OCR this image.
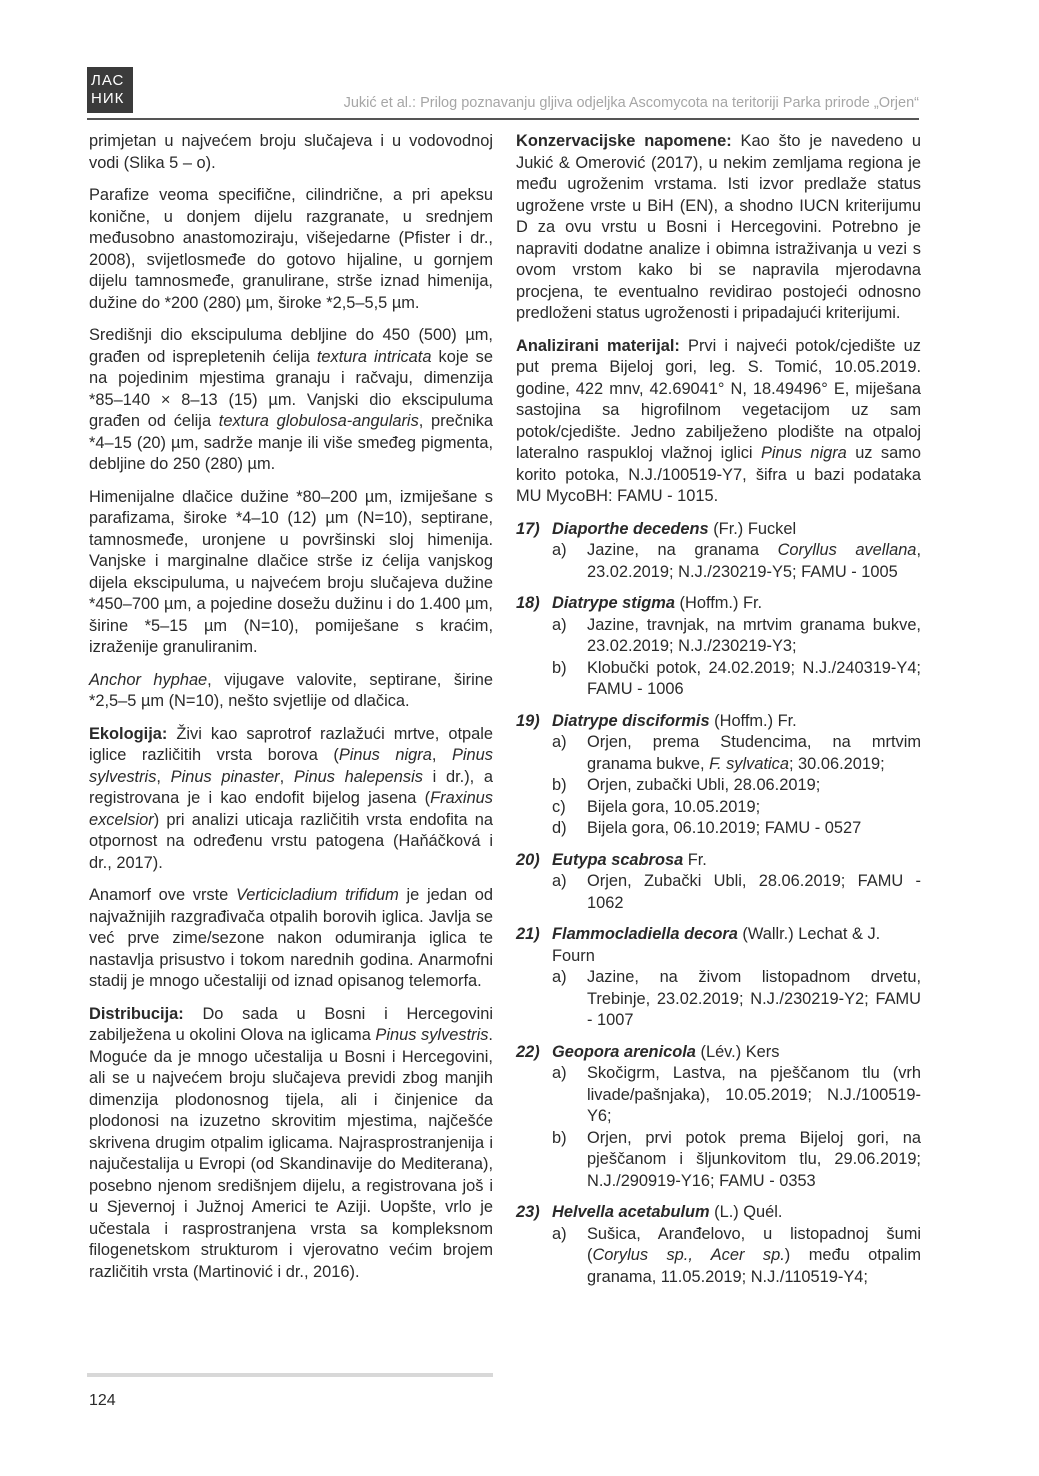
ЛАС
НИК	Jukić et al.: Prilog poznavanju gljiva odjeljka Ascomycota na teritoriji Parka prirode „Orjen“

primjetan u najvećem broju slučajeva i u vodovodnoj vodi (Slika 5 – o).

Parafize veoma specifične, cilindrične, a pri apeksu konične, u donjem dijelu razgranate, u srednjem međusobno anastomoziraju, višejedarne (Pfister i dr., 2008), svijetlosmeđe do gotovo hijaline, u gornjem dijelu tamnosmeđe, granulirane, strše iznad himenija, dužine do *200 (280) µm, široke *2,5–5,5 µm.

Središnji dio ekscipuluma debljine do 450 (500) µm, građen od isprepletenih ćelija textura intricata koje se na pojedinim mjestima granaju i račvaju, dimenzija *85–140 × 8–13 (15) µm. Vanjski dio ekscipuluma građen od ćelija textura globulosa-angularis, prečnika *4–15 (20) µm, sadrže manje ili više smeđeg pigmenta, debljine do 250 (280) µm.

Himenijalne dlačice dužine *80–200 µm, izmiješane s parafizama, široke *4–10 (12) µm (N=10), septirane, tamnosmeđe, uronjene u površinski sloj himenija. Vanjske i marginalne dlačice strše iz ćelija vanjskog dijela ekscipuluma, u najvećem broju slučajeva dužine *450–700 µm, a pojedine dosežu dužinu i do 1.400 µm, širine *5–15 µm (N=10), pomiješane s kraćim, izraženije granuliranim.

Anchor hyphae, vijugave valovite, septirane, širine *2,5–5 µm (N=10), nešto svjetlije od dlačica.

Ekologija: Živi kao saprotrof razlažući mrtve, otpale iglice različitih vrsta borova (Pinus nigra, Pinus sylvestris, Pinus pinaster, Pinus halepensis i dr.), a registrovana je i kao endofit bijelog jasena (Fraxinus excelsior) pri analizi uticaja različitih vrsta endofita na otpornost na određenu vrstu patogena (Haňáčková i dr., 2017).

Anamorf ove vrste Verticicladium trifidum je jedan od najvažnijih razgrađivača otpalih borovih iglica. Javlja se već prve zime/sezone nakon odumiranja iglica te nastavlja prisustvo i tokom narednih godina. Anarmofni stadij je mnogo učestaliji od iznad opisanog telemorfa.

Distribucija: Do sada u Bosni i Hercegovini zabilježena u okolini Olova na iglicama Pinus sylvestris. Moguće da je mnogo učestalija u Bosni i Hercegovini, ali se u najvećem broju slučajeva previdi zbog manjih dimenzija plodonosnog tijela, ali i činjenice da plodonosi na izuzetno skrovitim mjestima, najčešće skrivena drugim otpalim iglicama. Najrasprostranjenija i najučestalija u Evropi (od Skandinavije do Mediterana), posebno njenom središnjem dijelu, a registrovana još i u Sjevernoj i Južnoj Americi te Aziji. Uopšte, vrlo je učestala i rasprostranjena vrsta sa kompleksnom filogenetskom strukturom i vjerovatno većim brojem različitih vrsta (Martinović i dr., 2016).

Konzervacijske napomene: Kao što je navedeno u Jukić & Omerović (2017), u nekim zemljama regiona je među ugroženim vrstama. Isti izvor predlaže status ugrožene vrste u BiH (EN), a shodno IUCN kriterijumu D za ovu vrstu u Bosni i Hercegovini. Potrebno je napraviti dodatne analize i obimna istraživanja u vezi s ovom vrstom kako bi se napravila mjerodavna procjena, te eventualno revidirao postojeći odnosno predloženi status ugroženosti i pripadajući kriterijumi.

Analizirani materijal: Prvi i najveći potok/cjedište uz put prema Bijeloj gori, leg. S. Tomić, 10.05.2019. godine, 422 mnv, 42.69041° N, 18.49496° E, miješana sastojina sa higrofilnom vegetacijom uz sam potok/cjedište. Jedno zabilježeno plodište na otpaloj lateralno raspukloj vlažnoj iglici Pinus nigra uz samo korito potoka, N.J./100519-Y7, šifra u bazi podataka MU MycoBH: FAMU - 1015.

17) Diaporthe decedens (Fr.) Fuckel
a)	Jazine, na granama Coryllus avellana, 23.02.2019; N.J./230219-Y5; FAMU - 1005
18) Diatrype stigma (Hoffm.) Fr.
a)	Jazine, travnjak, na mrtvim granama bukve, 23.02.2019; N.J./230219-Y3;
b)	Klobučki potok, 24.02.2019; N.J./240319-Y4; FAMU - 1006
19) Diatrype disciformis (Hoffm.) Fr.
a)	Orjen, prema Studencima, na mrtvim granama bukve, F. sylvatica; 30.06.2019;
b)	Orjen, zubački Ubli, 28.06.2019;
c)	Bijela gora, 10.05.2019;
d)	Bijela gora, 06.10.2019; FAMU - 0527
20) Eutypa scabrosa Fr.
a)	Orjen, Zubački Ubli, 28.06.2019; FAMU - 1062
21) Flammocladiella decora (Wallr.) Lechat & J. Fourn
a)	Jazine, na živom listopadnom drvetu, Trebinje, 23.02.2019; N.J./230219-Y2; FAMU - 1007
22) Geopora arenicola (Lév.) Kers
a)	Skočigrm, Lastva, na pješčanom tlu (vrh livade/pašnjaka), 10.05.2019; N.J./100519-Y6;
b)	Orjen, prvi potok prema Bijeloj gori, na pješčanom i šljunkovitom tlu, 29.06.2019; N.J./290919-Y16; FAMU - 0353
23) Helvella acetabulum (L.) Quél.
a)	Sušica, Aranđelovo, u listopadnoj šumi (Corylus sp., Acer sp.) među otpalim granama, 11.05.2019; N.J./110519-Y4;
124
